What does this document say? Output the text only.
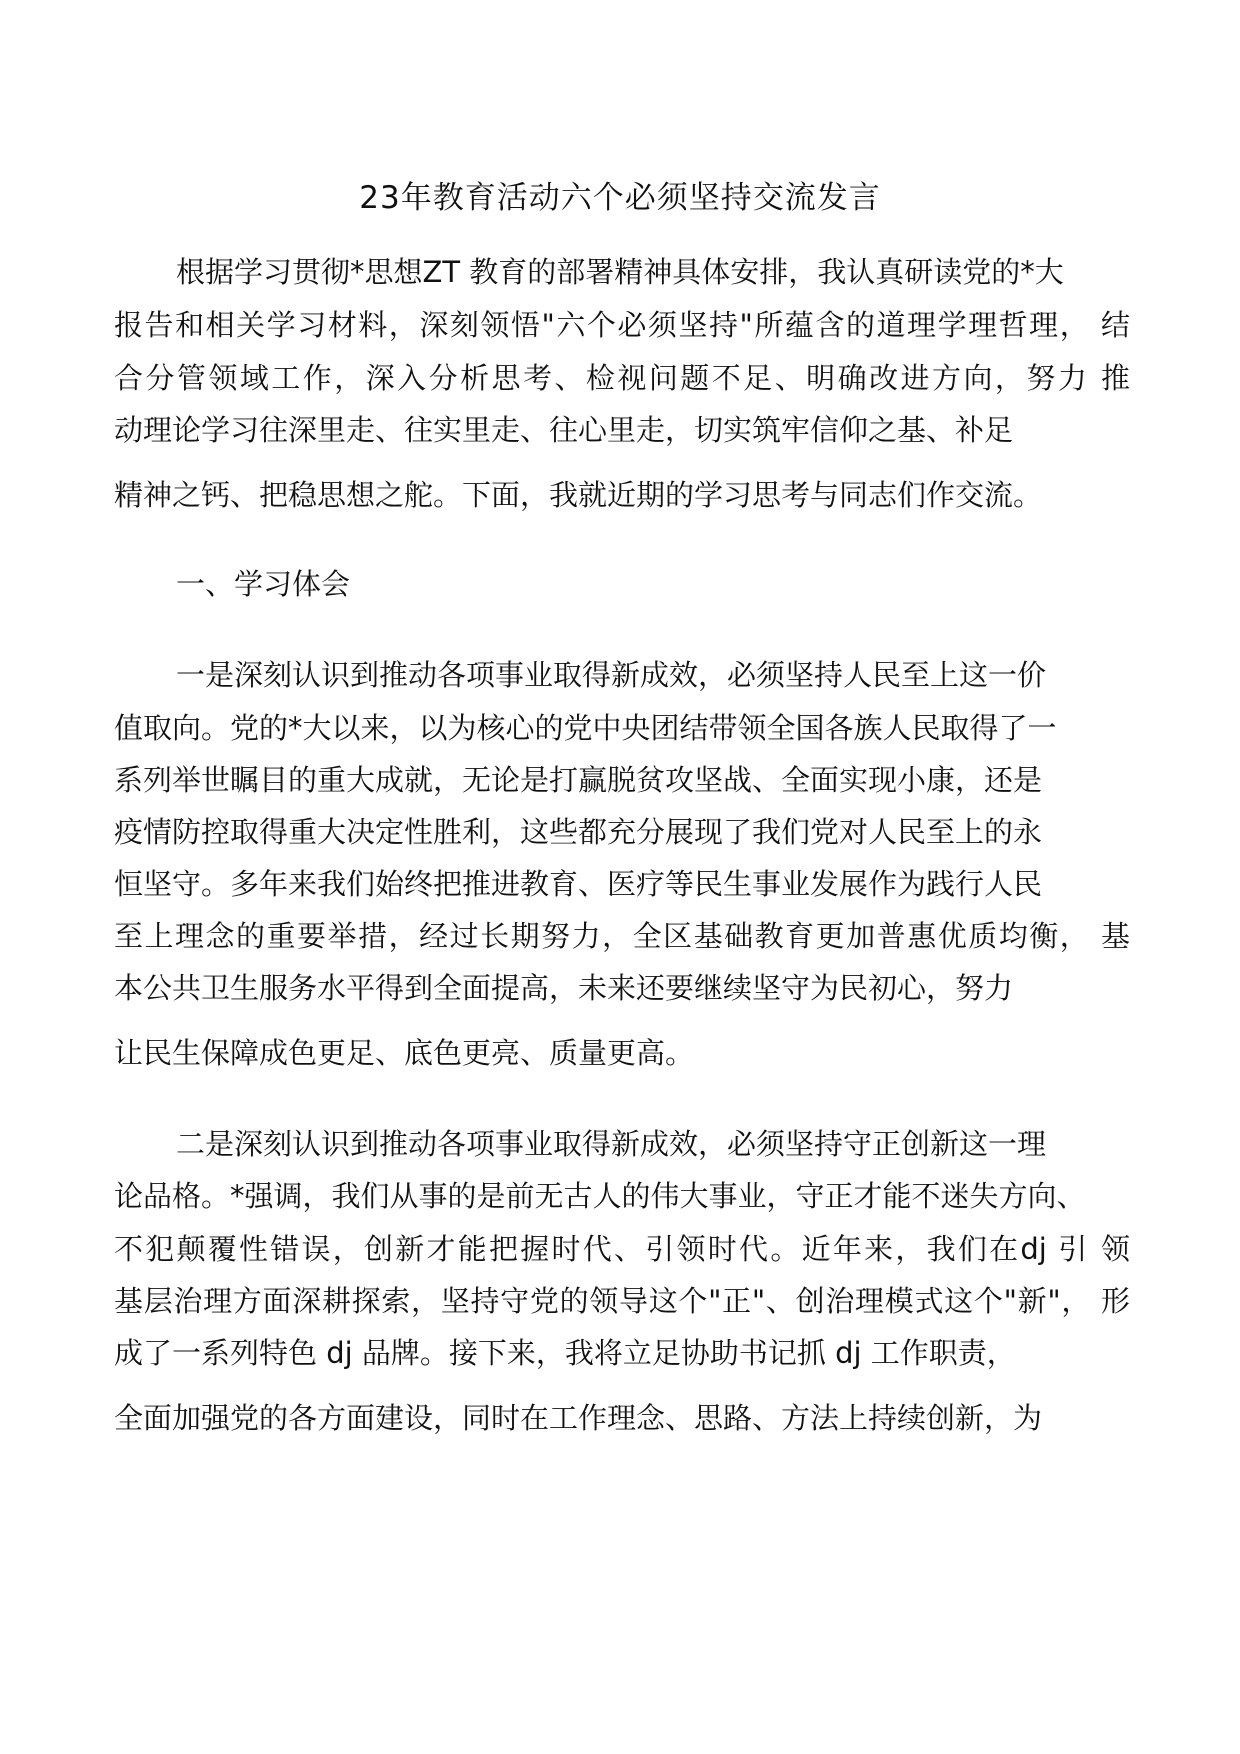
23年教育活动六个必须坚持交流发言
根据学习贯彻*思想ZT 教育的部署精神具体安排，我认真研读党的*大
报告和相关学习材料，深刻领悟"六个必须坚持"所蕴含的道理学理哲理， 结
合分管领域工作，深入分析思考、检视问题不足、明确改进方向，努力 推
动理论学习往深里走、往实里走、往心里走，切实筑牢信仰之基、补足
精神之钙、把稳思想之舵。下面，我就近期的学习思考与同志们作交流。
一、学习体会
一是深刻认识到推动各项事业取得新成效，必须坚持人民至上这一价
值取向。党的*大以来，以为核心的党中央团结带领全国各族人民取得了一
系列举世瞩目的重大成就，无论是打赢脱贫攻坚战、全面实现小康，还是
疫情防控取得重大决定性胜利，这些都充分展现了我们党对人民至上的永
恒坚守。多年来我们始终把推进教育、医疗等民生事业发展作为践行人民
至上理念的重要举措，经过长期努力，全区基础教育更加普惠优质均衡， 基
本公共卫生服务水平得到全面提高，未来还要继续坚守为民初心，努力
让民生保障成色更足、底色更亮、质量更高。
二是深刻认识到推动各项事业取得新成效，必须坚持守正创新这一理
论品格。*强调，我们从事的是前无古人的伟大事业，守正才能不迷失方向、
不犯颠覆性错误，创新才能把握时代、引领时代。近年来，我们在dj 引 领
基层治理方面深耕探索，坚持守党的领导这个"正"、创治理模式这个"新"， 形
成了一系列特色 dj 品牌。接下来，我将立足协助书记抓 dj 工作职责，
全面加强党的各方面建设，同时在工作理念、思路、方法上持续创新，为
